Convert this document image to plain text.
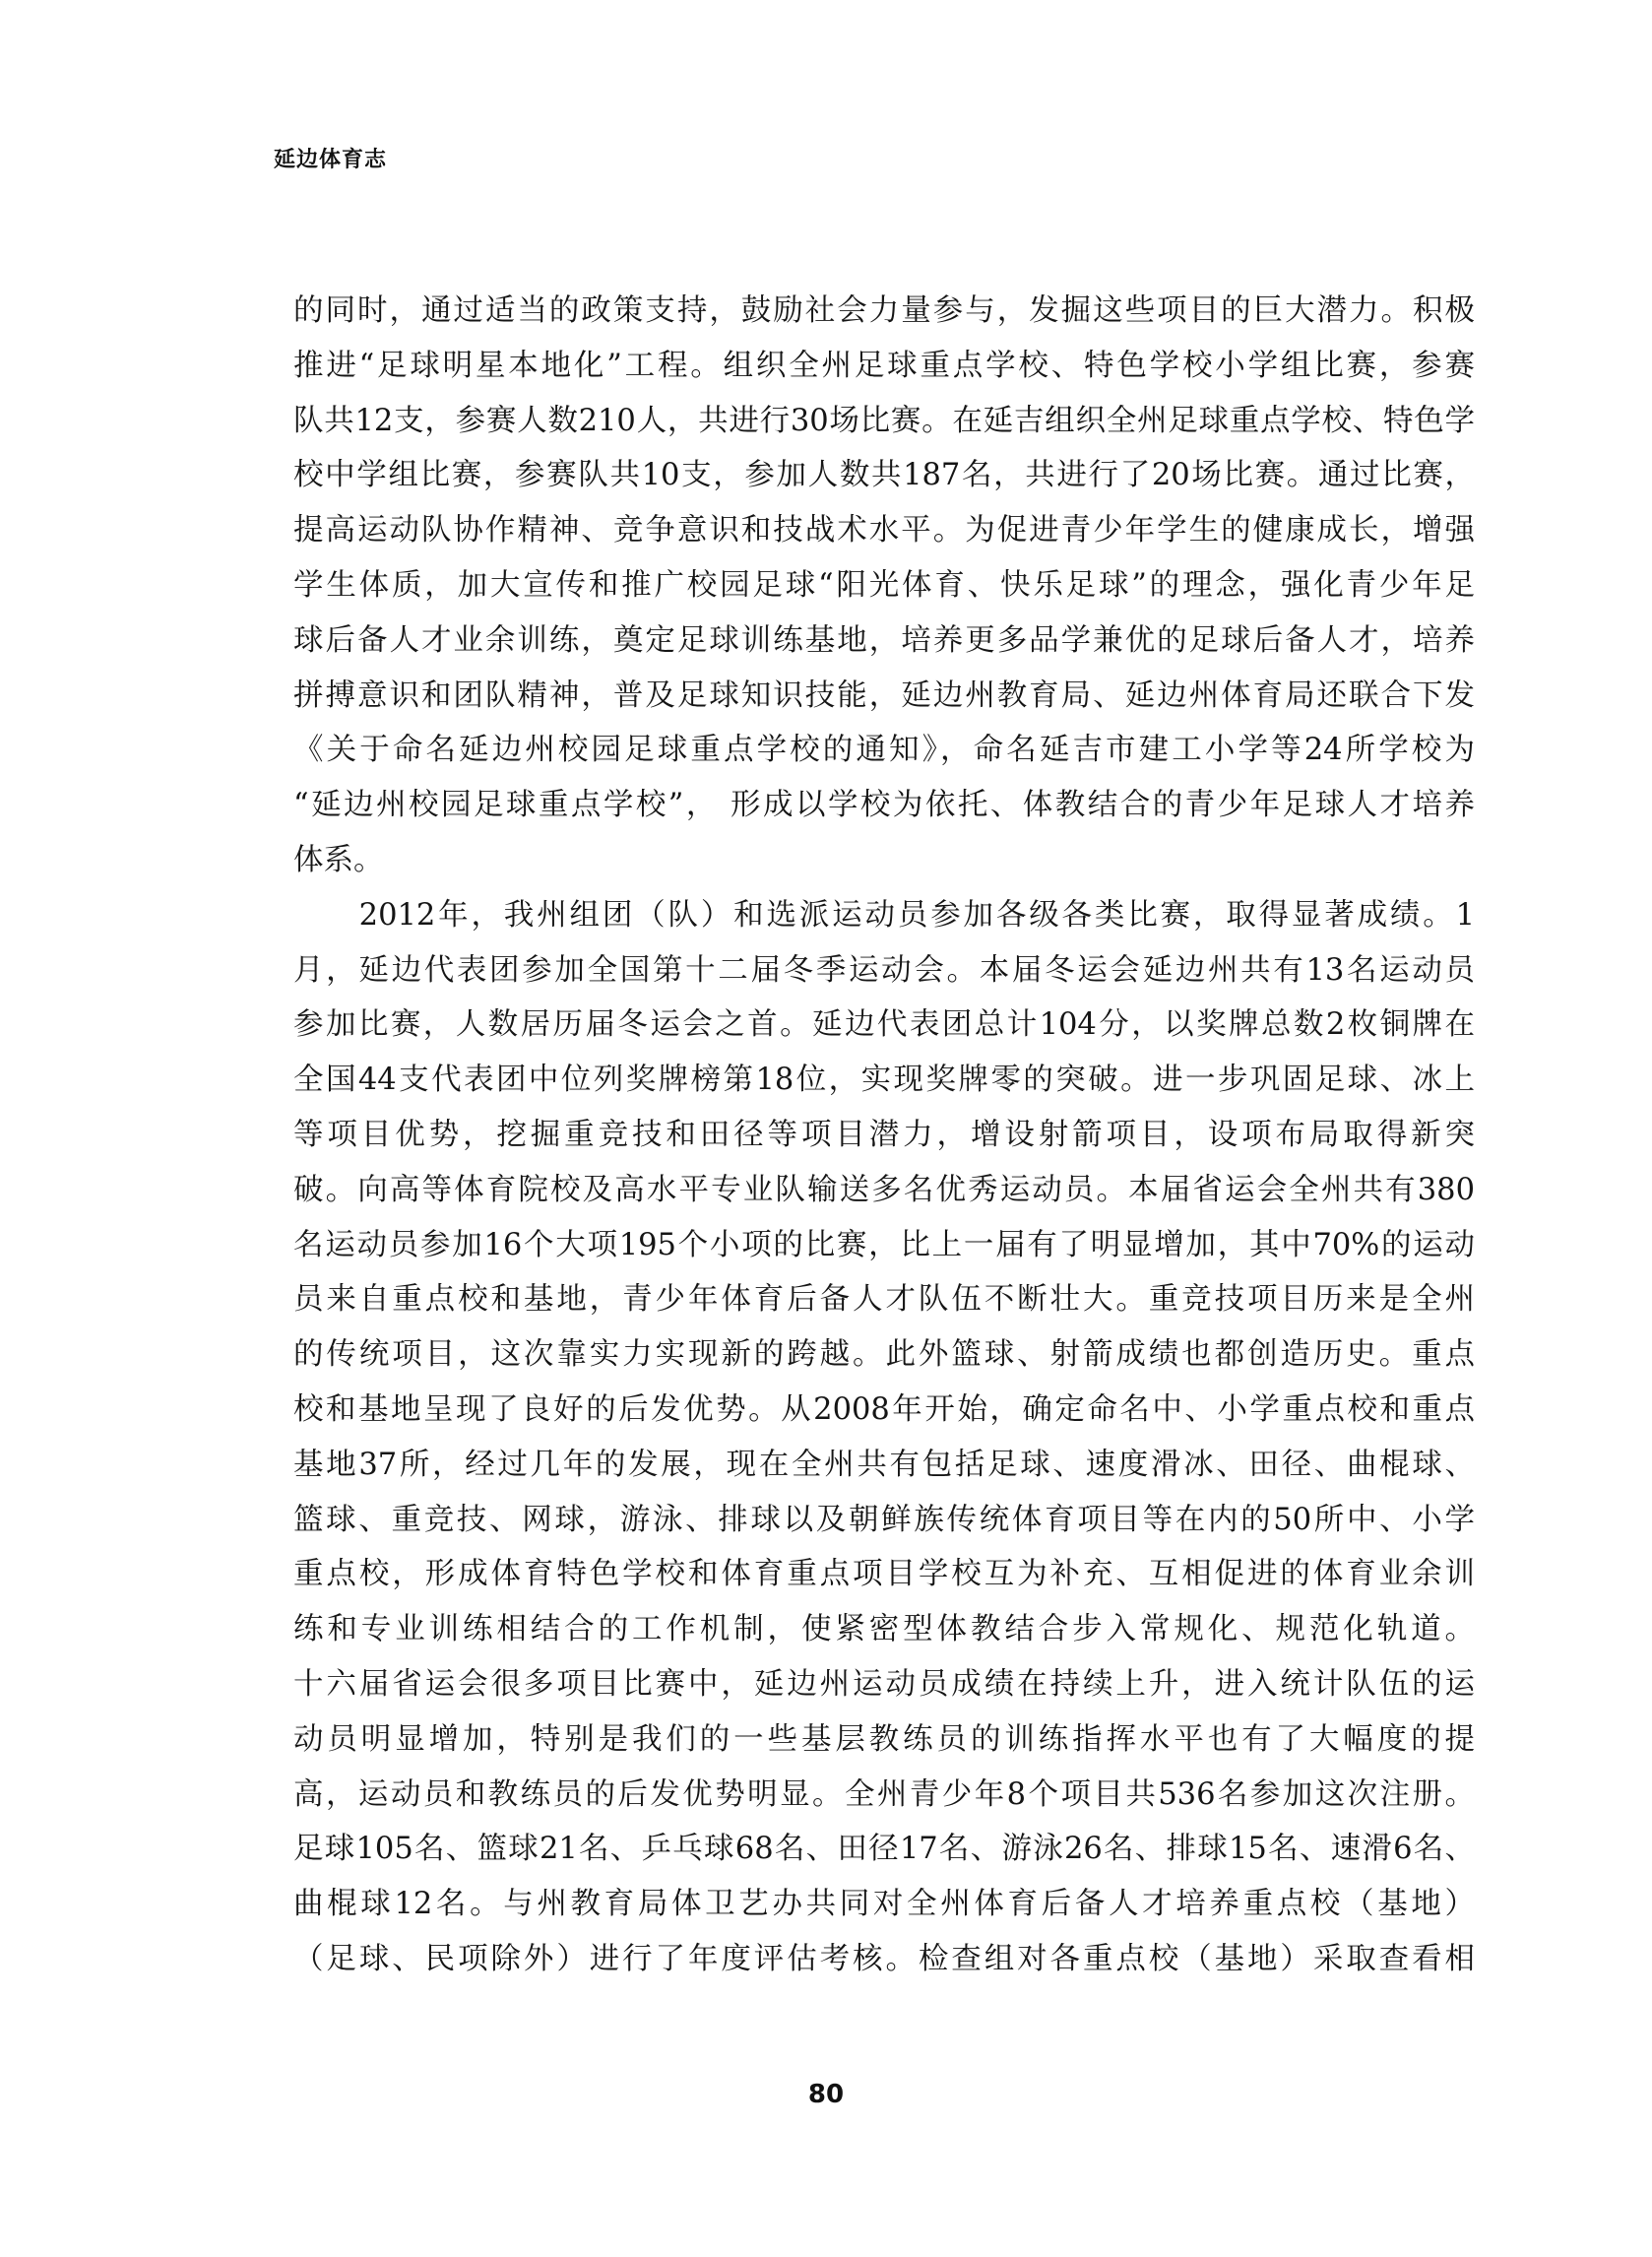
延边体育志
的同时，通过适当的政策支持，鼓励社会力量参与，发掘这些项目的巨大潜力。积极
推进“足球明星本地化”工程。组织全州足球重点学校、特色学校小学组比赛，参赛
队共12支，参赛人数210人，共进行30场比赛。在延吉组织全州足球重点学校、特色学
校中学组比赛，参赛队共10支，参加人数共187名，共进行了20场比赛。通过比赛，
提高运动队协作精神、竞争意识和技战术水平。为促进青少年学生的健康成长，增强
学生体质，加大宣传和推广校园足球“阳光体育、快乐足球”的理念，强化青少年足
球后备人才业余训练，奠定足球训练基地，培养更多品学兼优的足球后备人才，培养
拼搏意识和团队精神，普及足球知识技能，延边州教育局、延边州体育局还联合下发
《关于命名延边州校园足球重点学校的通知》，命名延吉市建工小学等24所学校为
“延边州校园足球重点学校”， 形成以学校为依托、体教结合的青少年足球人才培养
体系。
　　2012年，我州组团（队）和选派运动员参加各级各类比赛，取得显著成绩。1
月，延边代表团参加全国第十二届冬季运动会。本届冬运会延边州共有13名运动员
参加比赛，人数居历届冬运会之首。延边代表团总计104分，以奖牌总数2枚铜牌在
全国44支代表团中位列奖牌榜第18位，实现奖牌零的突破。进一步巩固足球、冰上
等项目优势，挖掘重竞技和田径等项目潜力，增设射箭项目，设项布局取得新突
破。向高等体育院校及高水平专业队输送多名优秀运动员。本届省运会全州共有380
名运动员参加16个大项195个小项的比赛，比上一届有了明显增加，其中70%的运动
员来自重点校和基地，青少年体育后备人才队伍不断壮大。重竞技项目历来是全州
的传统项目，这次靠实力实现新的跨越。此外篮球、射箭成绩也都创造历史。重点
校和基地呈现了良好的后发优势。从2008年开始，确定命名中、小学重点校和重点
基地37所，经过几年的发展，现在全州共有包括足球、速度滑冰、田径、曲棍球、
篮球、重竞技、网球，游泳、排球以及朝鲜族传统体育项目等在内的50所中、小学
重点校，形成体育特色学校和体育重点项目学校互为补充、互相促进的体育业余训
练和专业训练相结合的工作机制，使紧密型体教结合步入常规化、规范化轨道。
十六届省运会很多项目比赛中，延边州运动员成绩在持续上升，进入统计队伍的运
动员明显增加，特别是我们的一些基层教练员的训练指挥水平也有了大幅度的提
高，运动员和教练员的后发优势明显。全州青少年8个项目共536名参加这次注册。
足球105名、篮球21名、乒乓球68名、田径17名、游泳26名、排球15名、速滑6名、
曲棍球12名。与州教育局体卫艺办共同对全州体育后备人才培养重点校（基地）
（足球、民项除外）进行了年度评估考核。检查组对各重点校（基地）采取查看相
80
